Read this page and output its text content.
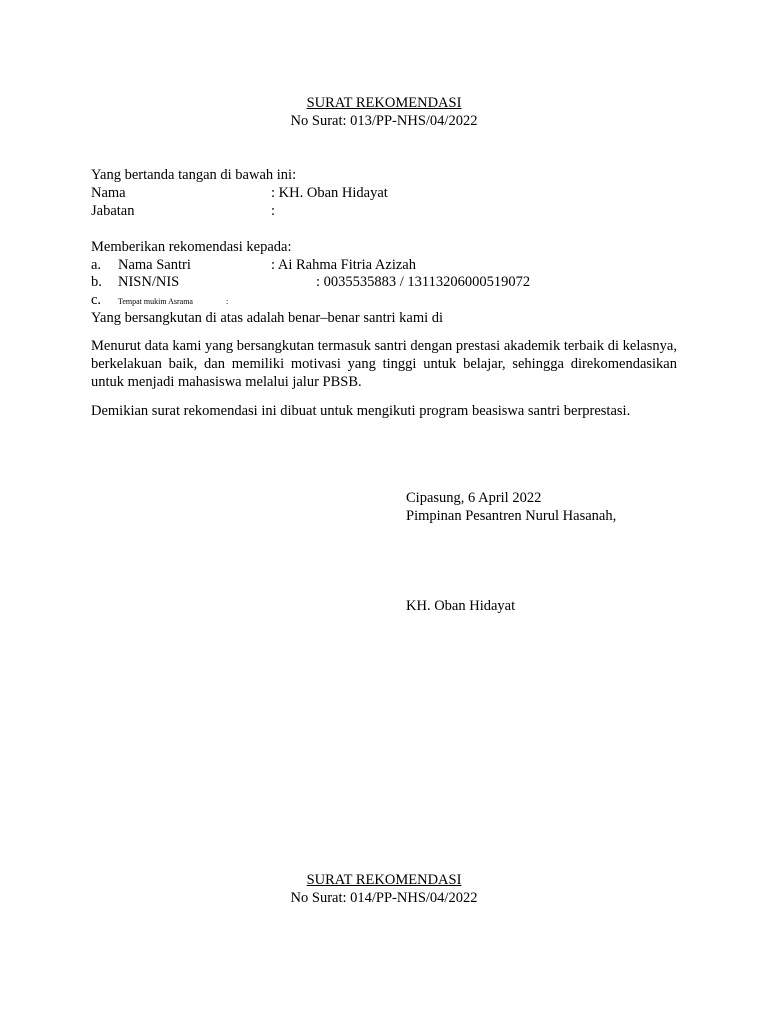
SURAT REKOMENDASI
No Surat: 013/PP-NHS/04/2022
Yang bertanda tangan di bawah ini:
Nama	: KH. Oban Hidayat
Jabatan	:
Memberikan rekomendasi kepada:
a. Nama Santri	: Ai Rahma Fitria Azizah
b. NISN/NIS	: 0035535883 / 13113206000519072
c. Tempat mukim Asrama	:
Yang bersangkutan di atas adalah benar–benar santri kami di
Menurut data kami yang bersangkutan termasuk santri dengan prestasi akademik terbaik di kelasnya, berkelakuan baik, dan memiliki motivasi yang tinggi untuk belajar, sehingga direkomendasikan untuk menjadi mahasiswa melalui jalur PBSB.
Demikian surat rekomendasi ini dibuat untuk mengikuti program beasiswa santri berprestasi.
Cipasung, 6 April 2022
Pimpinan Pesantren Nurul Hasanah,
KH. Oban Hidayat
SURAT REKOMENDASI
No Surat: 014/PP-NHS/04/2022
